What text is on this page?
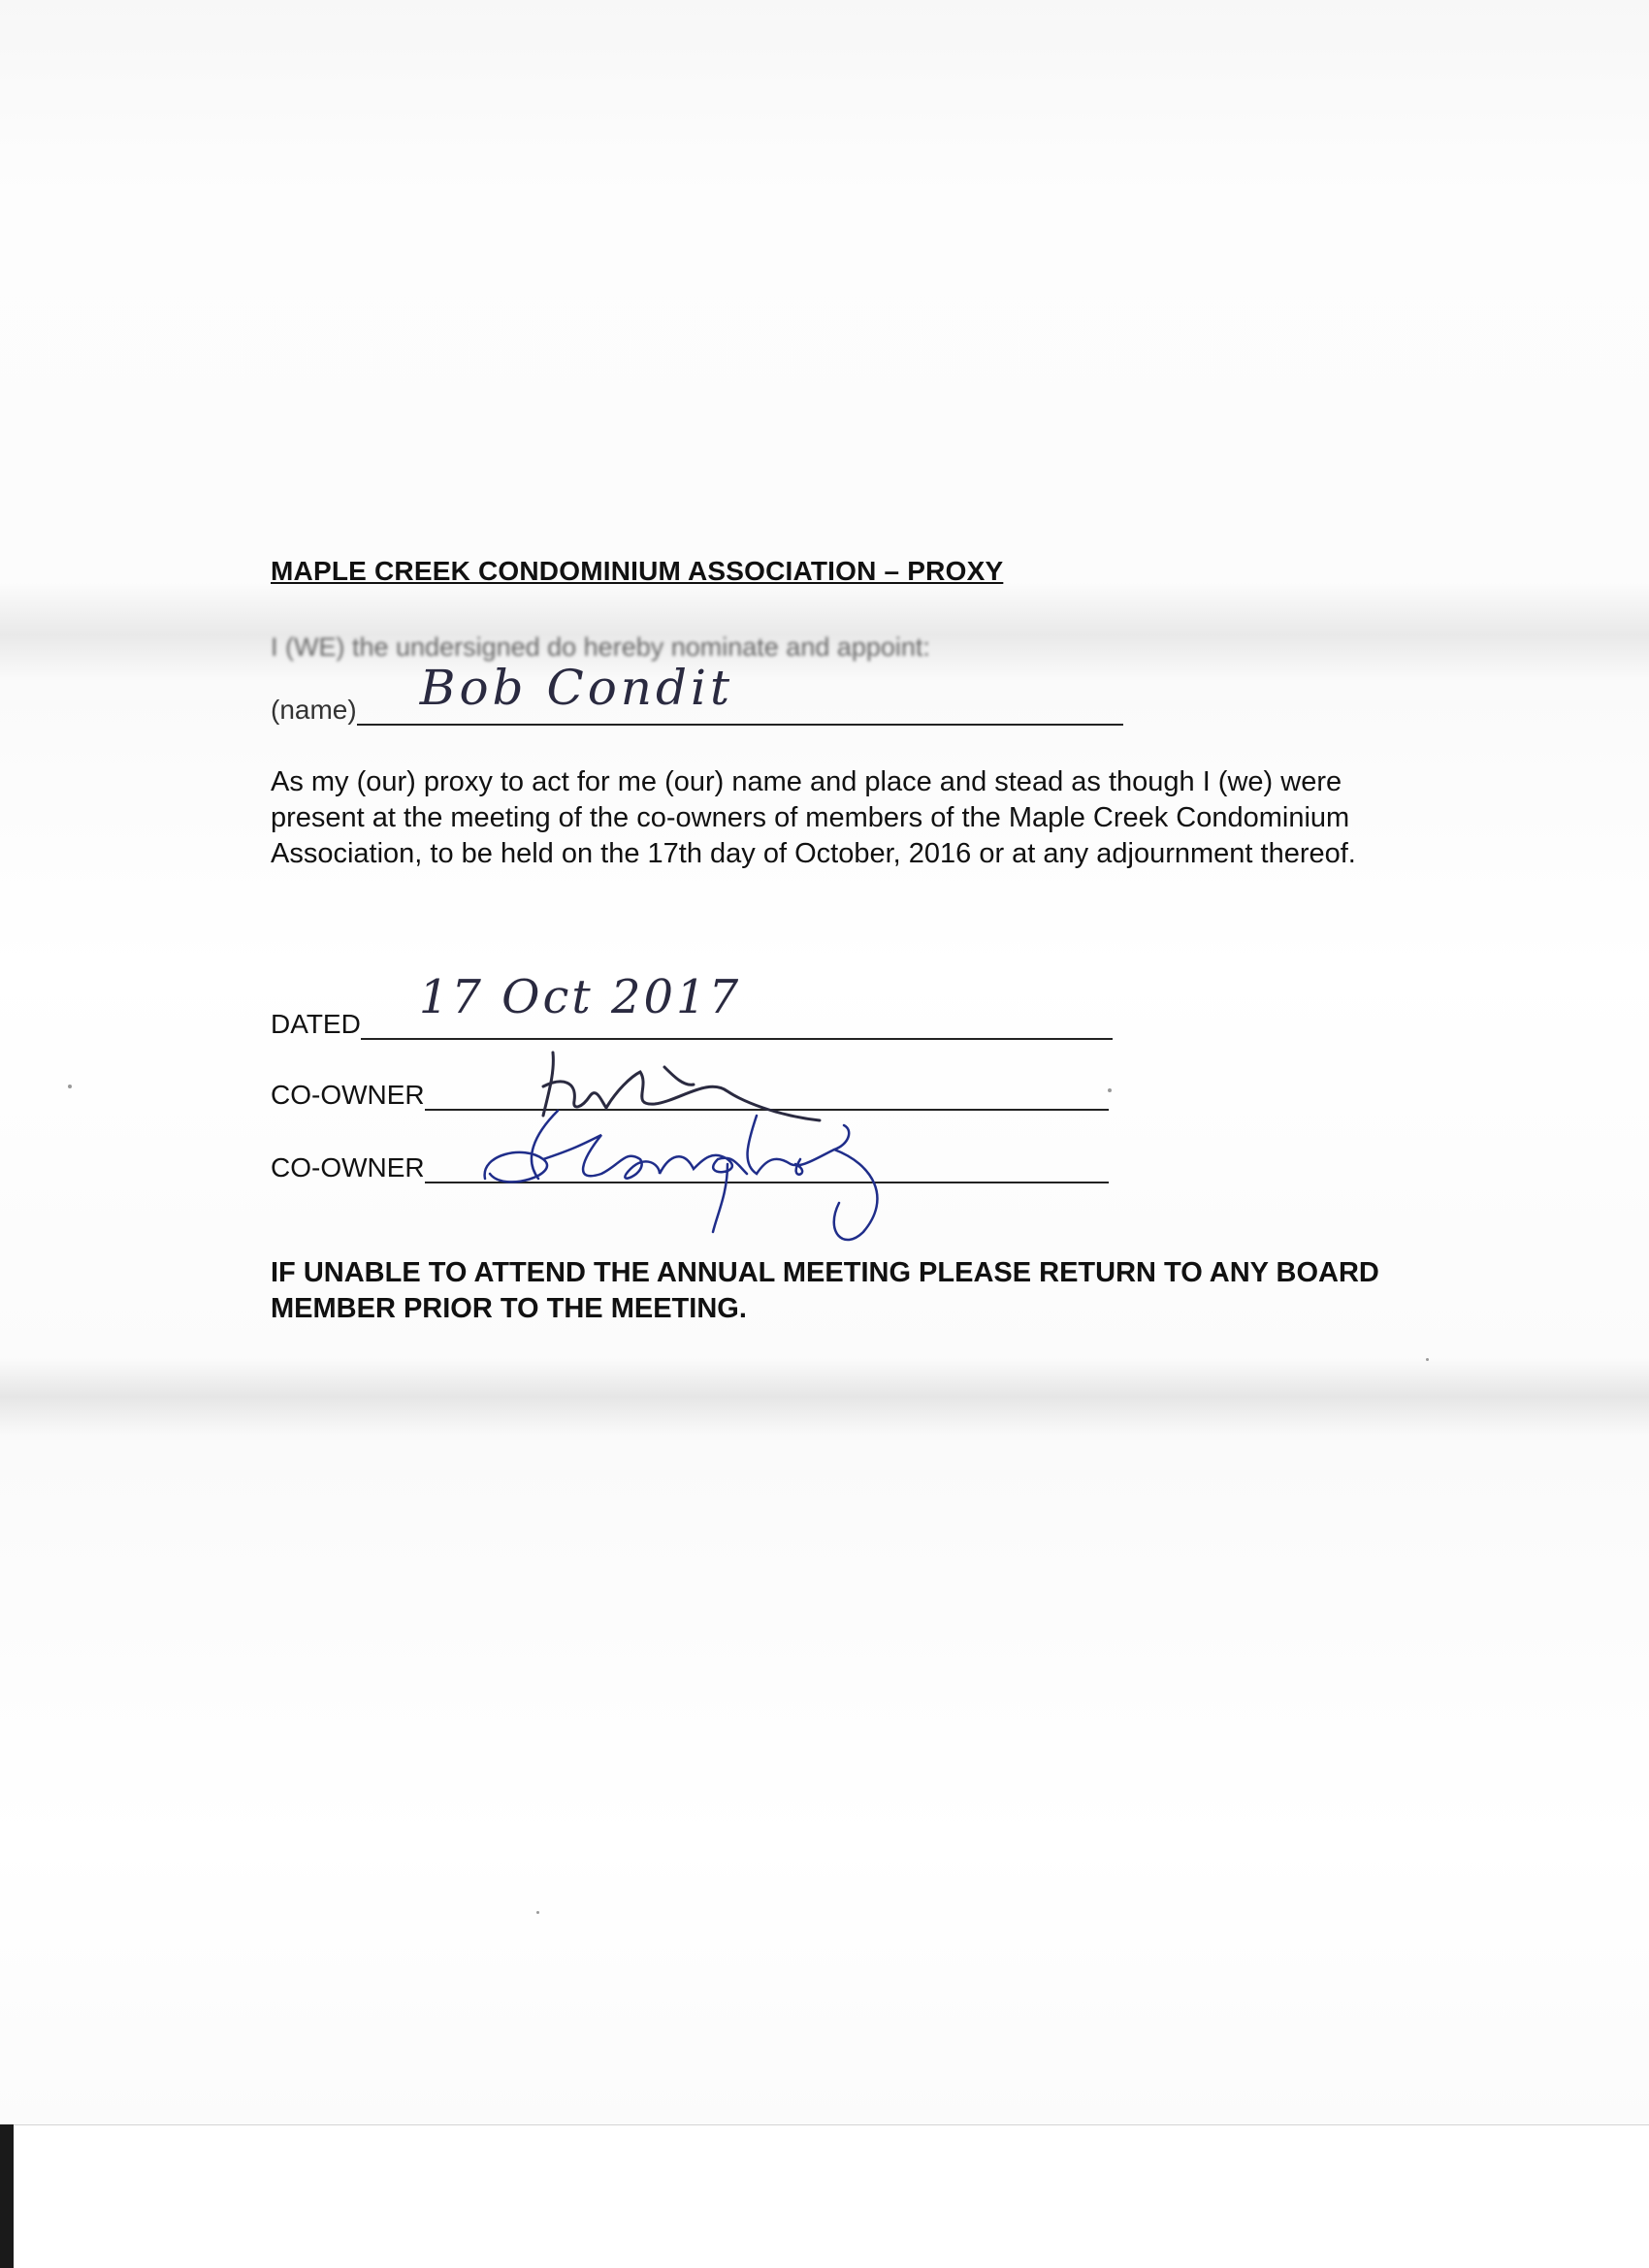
MAPLE CREEK CONDOMINIUM ASSOCIATION – PROXY
I (WE) the undersigned do hereby nominate and appoint:
(name) Bob Condit
As my (our) proxy to act for me (our) name and place and stead as though I (we) were present at the meeting of the co-owners of members of the Maple Creek Condominium Association, to be held on the 17th day of October, 2016 or at any adjournment thereof.
DATED 17 Oct 2017
CO-OWNER
CO-OWNER
IF UNABLE TO ATTEND THE ANNUAL MEETING PLEASE RETURN TO ANY BOARD MEMBER PRIOR TO THE MEETING.
